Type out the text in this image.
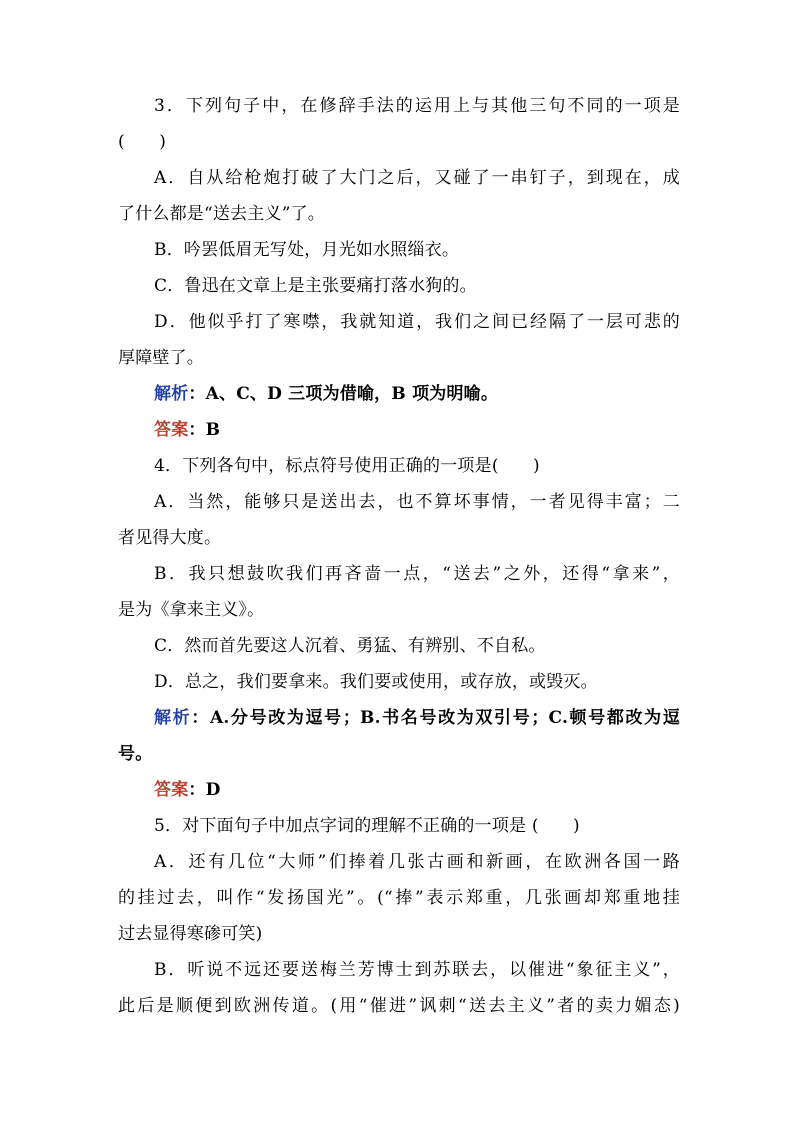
3．下列句子中，在修辞手法的运用上与其他三句不同的一项是
(　　)
A．自从给枪炮打破了大门之后，又碰了一串钉子，到现在，成
了什么都是“送去主义”了。
B．吟罢低眉无写处，月光如水照缁衣。
C．鲁迅在文章上是主张要痛打落水狗的。
D．他似乎打了寒噤，我就知道，我们之间已经隔了一层可悲的
厚障壁了。
解析：A、C、D 三项为借喻，B 项为明喻。
答案：B
4．下列各句中，标点符号使用正确的一项是(　　)
A．当然，能够只是送出去，也不算坏事情，一者见得丰富；二
者见得大度。
B．我只想鼓吹我们再吝啬一点，“送去”之外，还得“拿来”，
是为《拿来主义》。
C．然而首先要这人沉着、勇猛、有辨别、不自私。
D．总之，我们要拿来。我们要或使用，或存放，或毁灭。
解析：A.分号改为逗号；B.书名号改为双引号；C.顿号都改为逗
号。
答案：D
5．对下面句子中加点字词的理解不正确的一项是 (　　)
A．还有几位“大师”们捧着几张古画和新画，在欧洲各国一路
的挂过去，叫作“发扬国光”。(“捧”表示郑重，几张画却郑重地挂
过去显得寒碜可笑)
B．听说不远还要送梅兰芳博士到苏联去，以催进“象征主义”，
此后是顺便到欧洲传道。(用“催进”讽刺“送去主义”者的卖力媚态)
